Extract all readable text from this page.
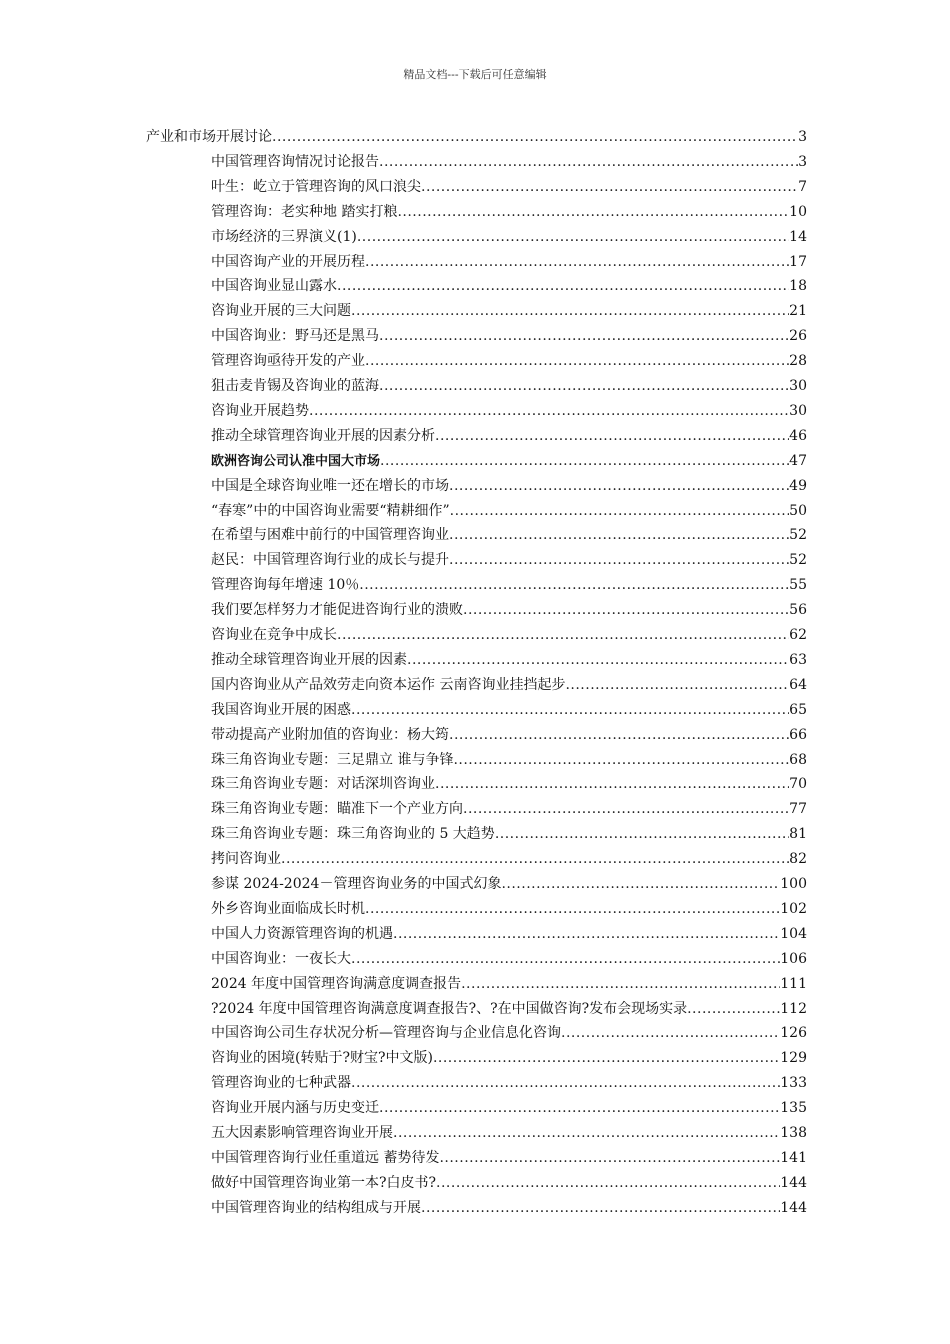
精品文档---下载后可任意编辑
产业和市场开展讨论 .....	3
中国管理咨询情况讨论报告 .....	3
叶生：屹立于管理咨询的风口浪尖 .....	7
管理咨询：老实种地 踏实打粮 .....	10
市场经济的三界演义(1) .....	14
中国咨询产业的开展历程 .....	17
中国咨询业显山露水 .....	18
咨询业开展的三大问题 .....	21
中国咨询业：野马还是黑马 .....	26
管理咨询亟待开发的产业 .....	28
狙击麦肯锡及咨询业的蓝海 .....	30
咨询业开展趋势 .....	30
推动全球管理咨询业开展的因素分析 .....	46
欧洲咨询公司认准中国大市场 .....	47
中国是全球咨询业唯一还在增长的市场 .....	49
“春寒”中的中国咨询业需要“精耕细作” .....	50
在希望与困难中前行的中国管理咨询业 .....	52
赵民：中国管理咨询行业的成长与提升 .....	52
管理咨询每年增速 10％ .....	55
我们要怎样努力才能促进咨询行业的溃败 .....	56
咨询业在竞争中成长 .....	62
推动全球管理咨询业开展的因素 .....	63
国内咨询业从产品效劳走向资本运作 云南咨询业挂挡起步 .....	64
我国咨询业开展的困惑 .....	65
带动提高产业附加值的咨询业：杨大筠 .....	66
珠三角咨询业专题：三足鼎立 谁与争锋 .....	68
珠三角咨询业专题：对话深圳咨询业 .....	70
珠三角咨询业专题：瞄准下一个产业方向 .....	77
珠三角咨询业专题：珠三角咨询业的 5 大趋势 .....	81
拷问咨询业 .....	82
参谋 2024-2024－管理咨询业务的中国式幻象 .....	100
外乡咨询业面临成长时机 .....	102
中国人力资源管理咨询的机遇 .....	104
中国咨询业：一夜长大 .....	106
2024 年度中国管理咨询满意度调查报告 .....	111
?2024 年度中国管理咨询满意度调查报告?、?在中国做咨询?发布会现场实录 .....	112
中国咨询公司生存状况分析—管理咨询与企业信息化咨询 .....	126
咨询业的困境(转贴于?财宝?中文版) .....	129
管理咨询业的七种武器 .....	133
咨询业开展内涵与历史变迁 .....	135
五大因素影响管理咨询业开展 .....	138
中国管理咨询行业任重道远 蓄势待发 .....	141
做好中国管理咨询业第一本?白皮书? .....	144
中国管理咨询业的结构组成与开展 .....	144
